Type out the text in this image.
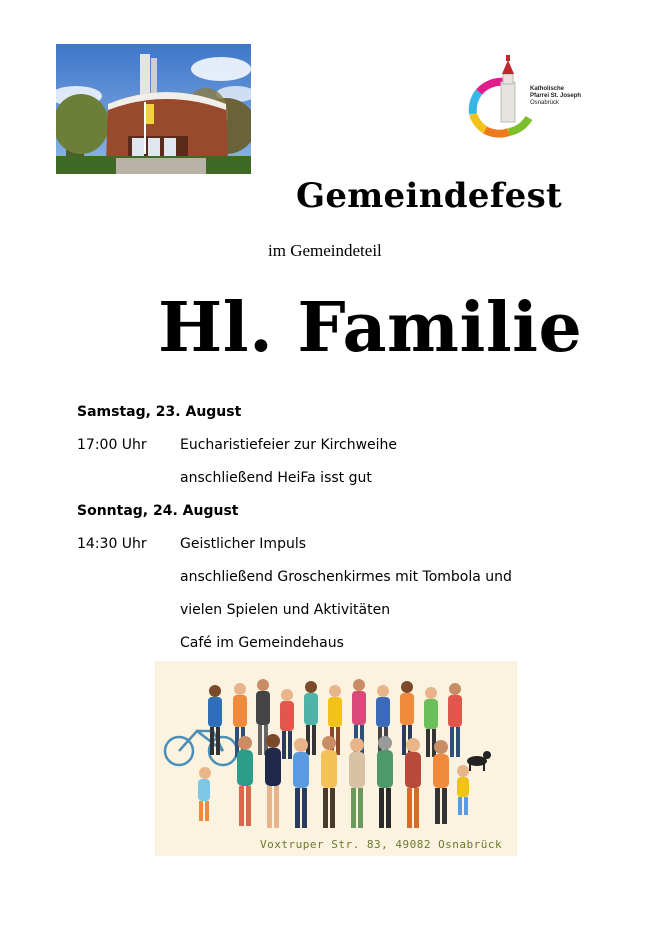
Katholische
Pfarrei St. Joseph
Osnabrück
Gemeindefest
im Gemeindeteil
Hl. Familie
Samstag, 23. August
17:00 Uhr	Eucharistiefeier zur Kirchweihe
anschließend HeiFa isst gut
Sonntag, 24. August
14:30 Uhr	Geistlicher Impuls
anschließend Groschenkirmes mit Tombola und
vielen Spielen und Aktivitäten
Café im Gemeindehaus
Voxtruper Str. 83, 49082 Osnabrück
